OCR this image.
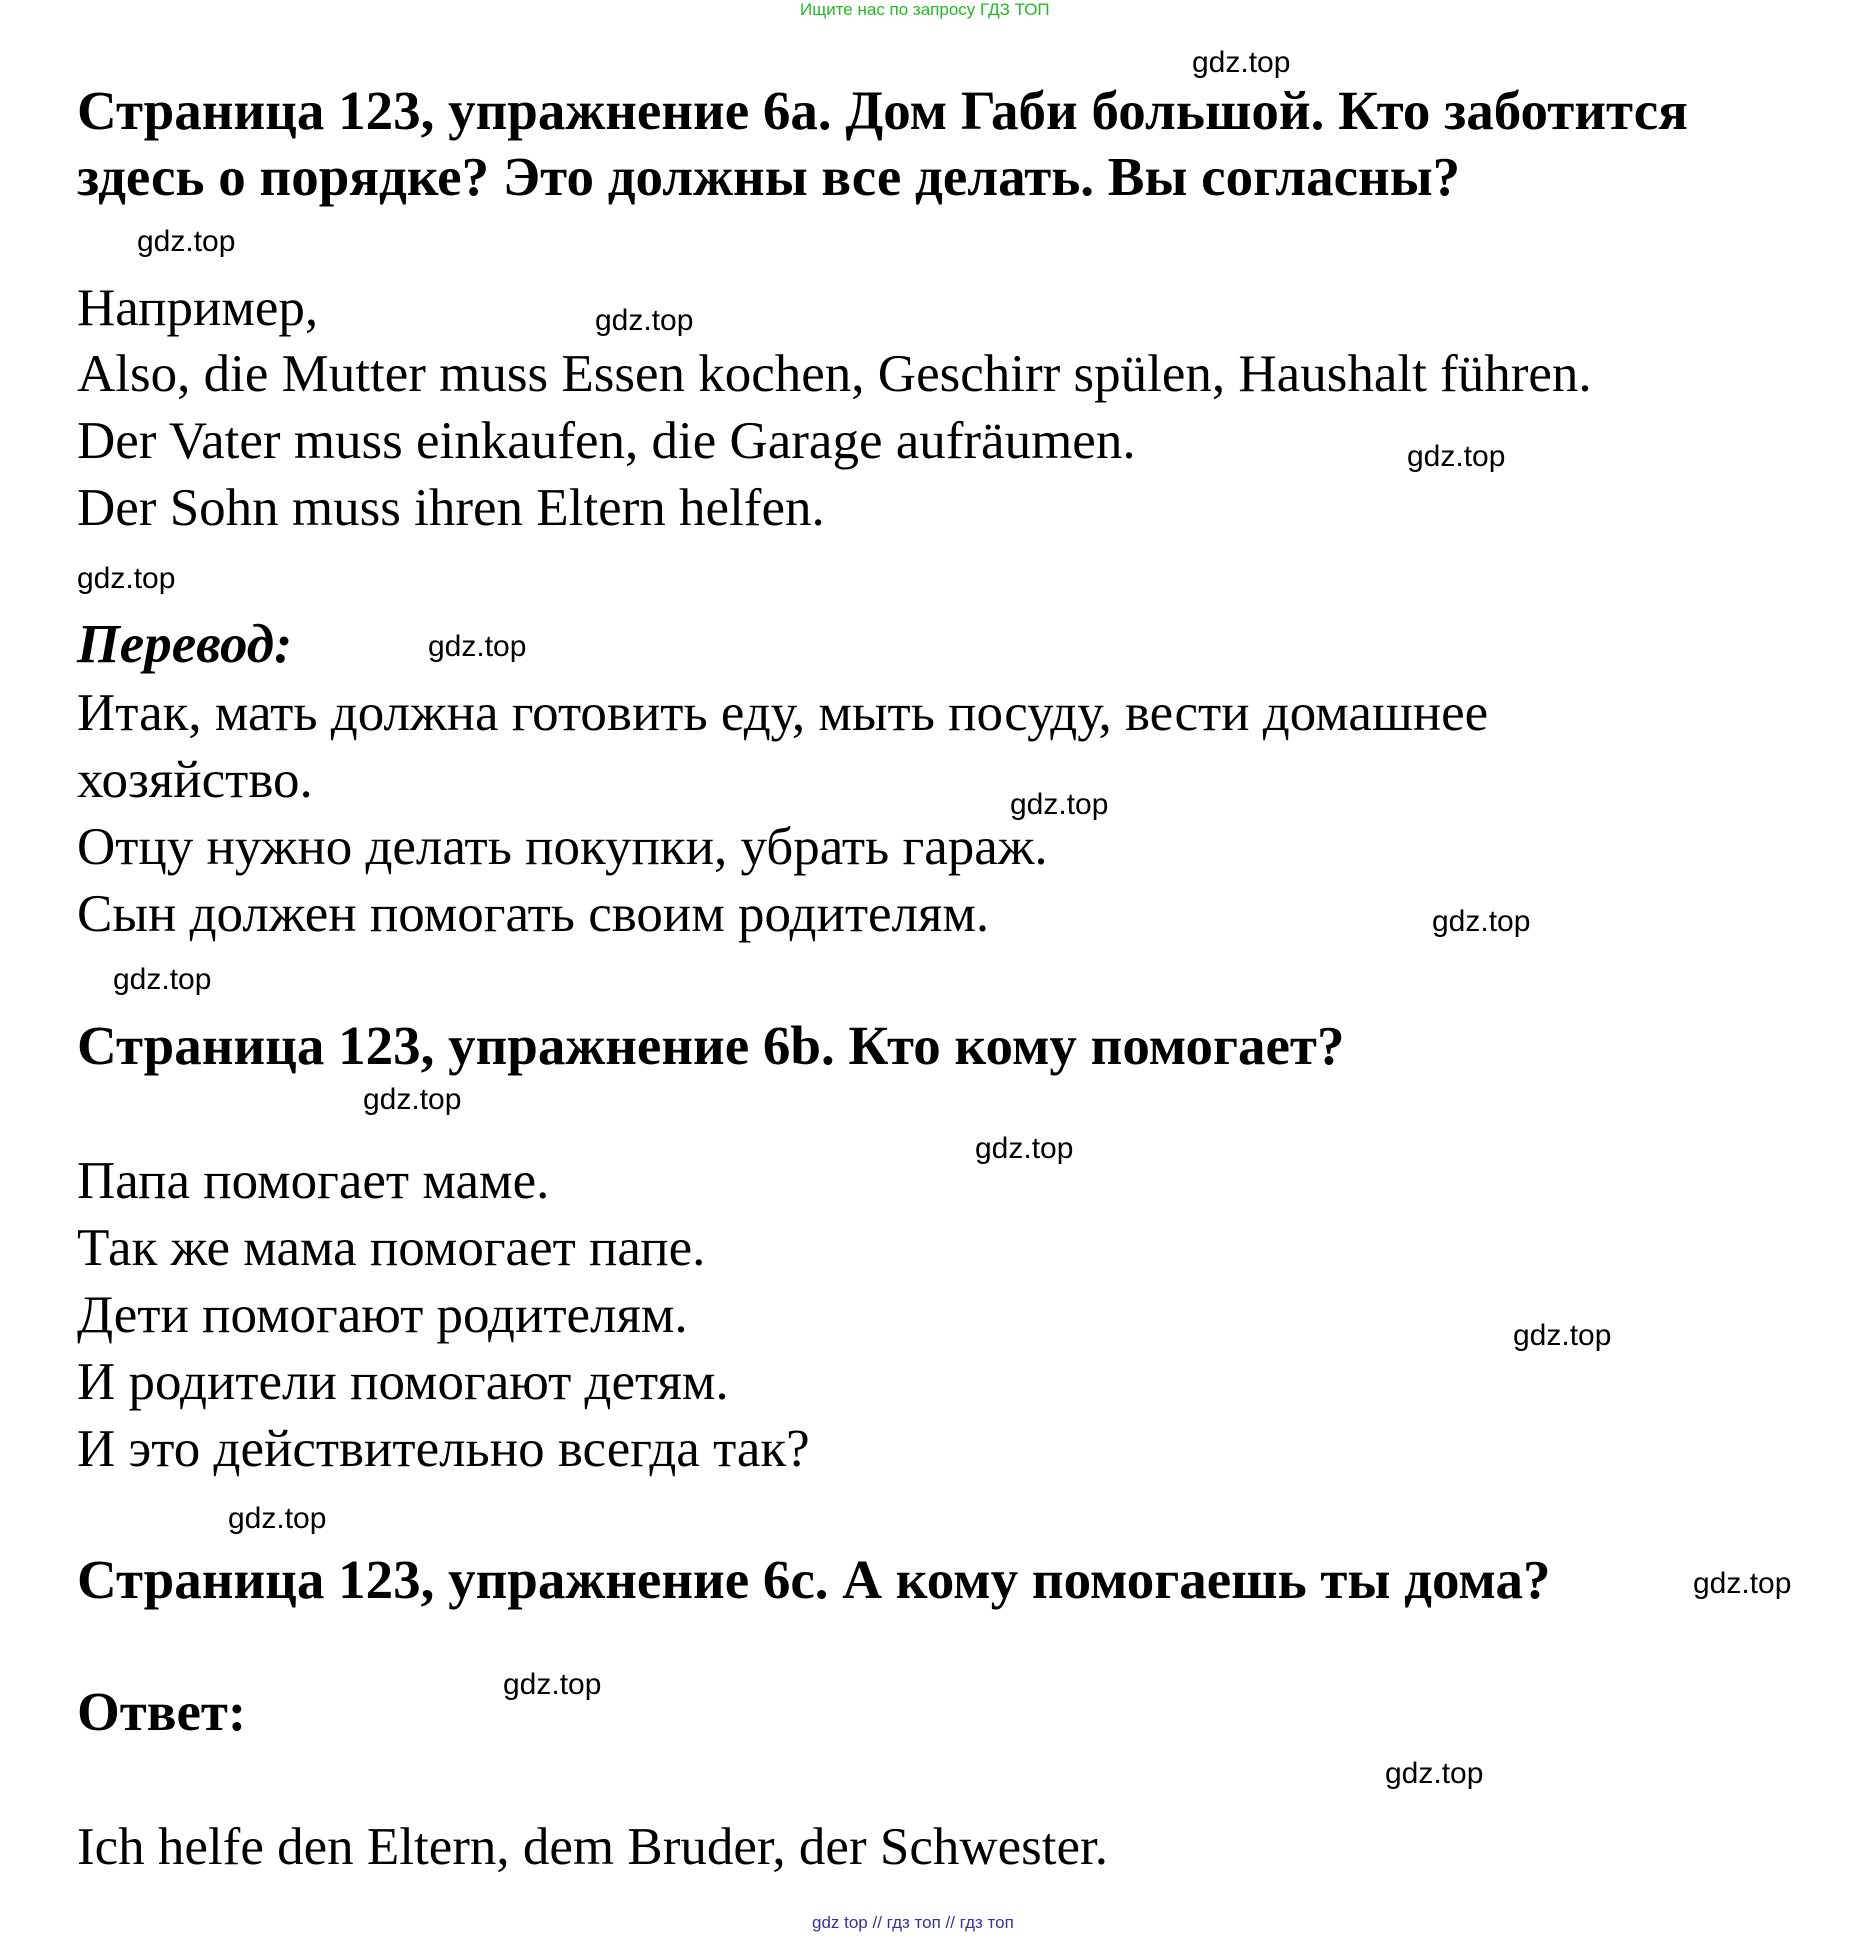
Ищите нас по запросу ГДЗ ТОП
Страница 123, упражнение 6a. Дом Габи большой. Кто заботится
здесь о порядке? Это должны все делать. Вы согласны?
Например,
Also, die Mutter muss Essen kochen, Geschirr spülen, Haushalt führen.
Der Vater muss einkaufen, die Garage aufräumen.
Der Sohn muss ihren Eltern helfen.
Перевод:
Итак, мать должна готовить еду, мыть посуду, вести домашнее
хозяйство.
Отцу нужно делать покупки, убрать гараж.
Сын должен помогать своим родителям.
Страница 123, упражнение 6b. Кто кому помогает?
Папа помогает маме.
Так же мама помогает папе.
Дети помогают родителям.
И родители помогают детям.
И это действительно всегда так?
Страница 123, упражнение 6c. А кому помогаешь ты дома?
Ответ:
Ich helfe den Eltern, dem Bruder, der Schwester.
gdz.top
gdz.top
gdz.top
gdz.top
gdz.top
gdz.top
gdz.top
gdz.top
gdz.top
gdz.top
gdz.top
gdz.top
gdz.top
gdz.top
gdz.top
gdz.top
gdz top // гдз топ // гдз топ
